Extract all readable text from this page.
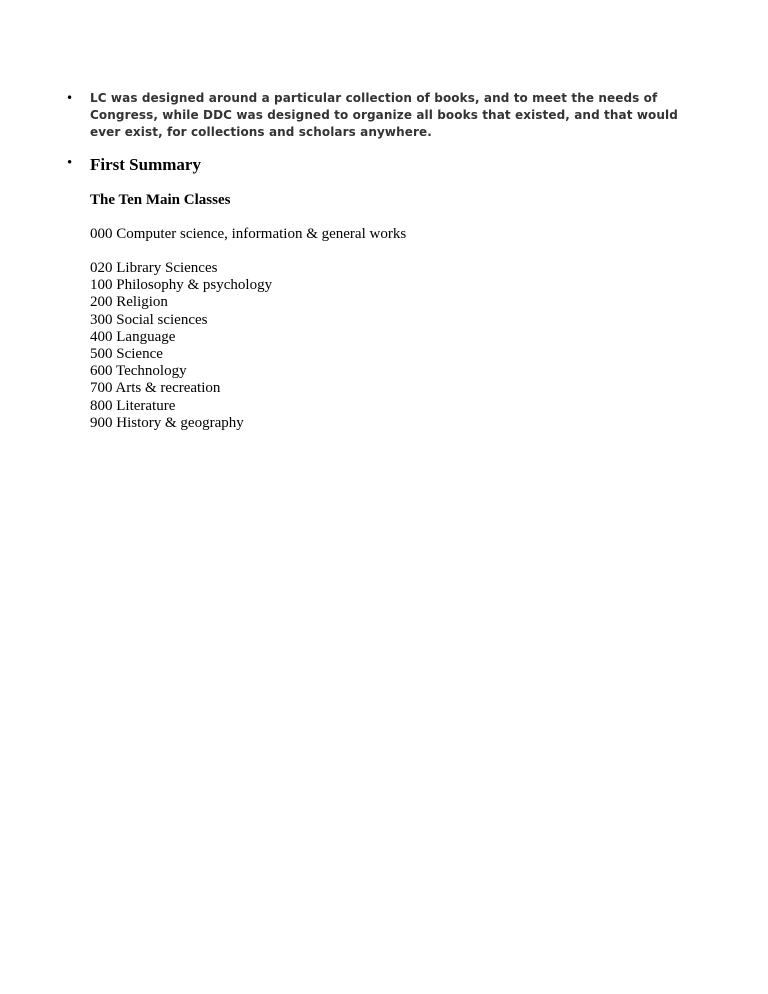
•	LC was designed around a particular collection of books, and to meet the needs of Congress, while DDC was designed to organize all books that existed, and that would ever exist, for collections and scholars anywhere.
•	First Summary
The Ten Main Classes

000 Computer science, information & general works

020 Library Sciences
100 Philosophy & psychology
200 Religion
300 Social sciences
400 Language
500 Science
600 Technology
700 Arts & recreation
800 Literature
900 History & geography
